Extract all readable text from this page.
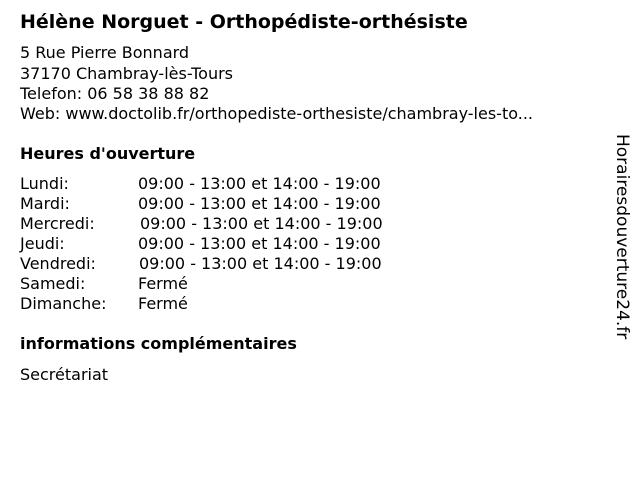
Hélène Norguet - Orthopédiste-orthésiste
5 Rue Pierre Bonnard
37170 Chambray-lès-Tours
Telefon: 06 58 38 88 82
Web: www.doctolib.fr/orthopediste-orthesiste/chambray-les-to...
Heures d'ouverture
Lundi:	09:00 - 13:00 et 14:00 - 19:00
Mardi:	09:00 - 13:00 et 14:00 - 19:00
Mercredi:	09:00 - 13:00 et 14:00 - 19:00
Jeudi:	09:00 - 13:00 et 14:00 - 19:00
Vendredi:	09:00 - 13:00 et 14:00 - 19:00
Samedi:	Fermé
Dimanche: Fermé
informations complémentaires
Secrétariat
Horairesdouverture24.fr
